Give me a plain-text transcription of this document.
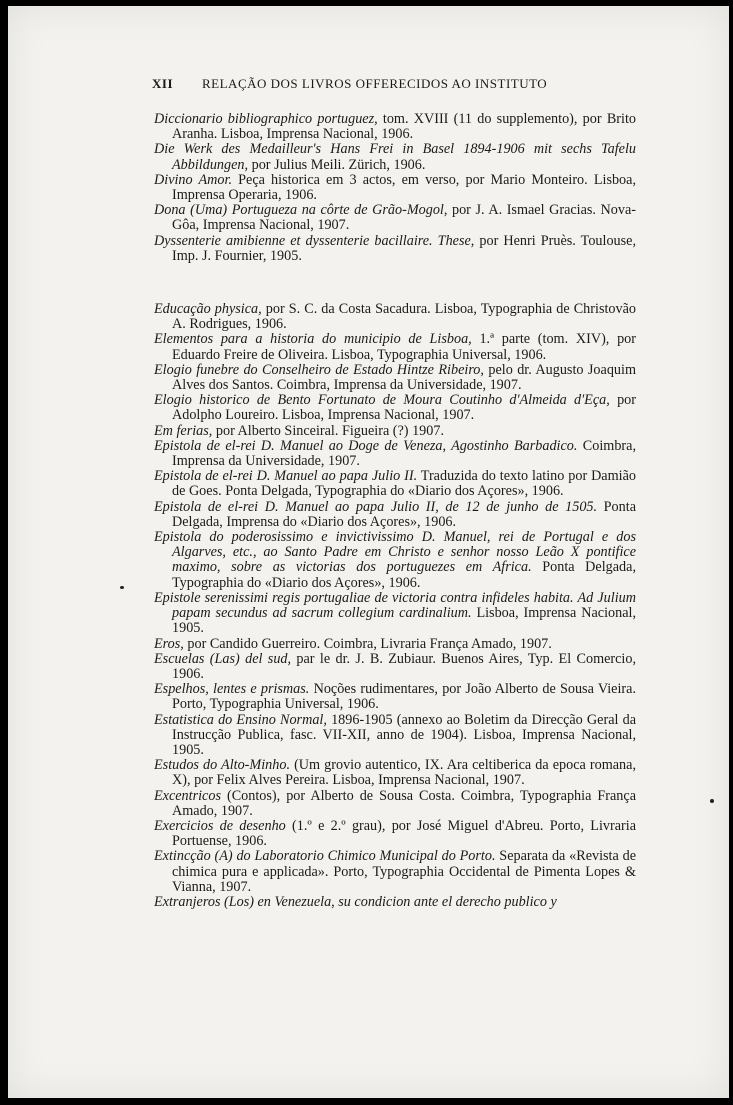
XII RELAÇÃO DOS LIVROS OFFERECIDOS AO INSTITUTO

Diccionario bibliographico portuguez, tom. XVIII (11 do supplemento), por Brito Aranha. Lisboa, Imprensa Nacional, 1906.

Die Werk des Medailleur's Hans Frei in Basel 1894-1906 mit sechs Tafelu Abbildungen, por Julius Meili. Zürich, 1906.

Divino Amor. Peça historica em 3 actos, em verso, por Mario Monteiro. Lisboa, Imprensa Operaria, 1906.

Dona (Uma) Portugueza na côrte de Grão-Mogol, por J. A. Ismael Gracias. Nova-Gôa, Imprensa Nacional, 1907.

Dyssenterie amibienne et dyssenterie bacillaire. These, por Henri Pruès. Toulouse, Imp. J. Fournier, 1905.

Educação physica, por S. C. da Costa Sacadura. Lisboa, Typographia de Christovão A. Rodrigues, 1906.

Elementos para a historia do municipio de Lisboa, 1.ª parte (tom. XIV), por Eduardo Freire de Oliveira. Lisboa, Typographia Universal, 1906.

Elogio funebre do Conselheiro de Estado Hintze Ribeiro, pelo dr. Augusto Joaquim Alves dos Santos. Coimbra, Imprensa da Universidade, 1907.

Elogio historico de Bento Fortunato de Moura Coutinho d'Almeida d'Eça, por Adolpho Loureiro. Lisboa, Imprensa Nacional, 1907.

Em ferias, por Alberto Sinceiral. Figueira (?) 1907.

Epistola de el-rei D. Manuel ao Doge de Veneza, Agostinho Barbadico. Coimbra, Imprensa da Universidade, 1907.

Epistola de el-rei D. Manuel ao papa Julio II. Traduzida do texto latino por Damião de Goes. Ponta Delgada, Typographia do «Diario dos Açores», 1906.

Epistola de el-rei D. Manuel ao papa Julio II, de 12 de junho de 1505. Ponta Delgada, Imprensa do «Diario dos Açores», 1906.

Epistola do poderosissimo e invictivissimo D. Manuel, rei de Portugal e dos Algarves, etc., ao Santo Padre em Christo e senhor nosso Leão X pontifice maximo, sobre as victorias dos portuguezes em Africa. Ponta Delgada, Typographia do «Diario dos Açores», 1906.

Epistole serenissimi regis portugaliae de victoria contra infideles habita. Ad Julium papam secundus ad sacrum collegium cardinalium. Lisboa, Imprensa Nacional, 1905.

Eros, por Candido Guerreiro. Coimbra, Livraria França Amado, 1907.

Escuelas (Las) del sud, par le dr. J. B. Zubiaur. Buenos Aires, Typ. El Comercio, 1906.

Espelhos, lentes e prismas. Noções rudimentares, por João Alberto de Sousa Vieira. Porto, Typographia Universal, 1906.

Estatistica do Ensino Normal, 1896-1905 (annexo ao Boletim da Direcção Geral da Instrucção Publica, fasc. VII-XII, anno de 1904). Lisboa, Imprensa Nacional, 1905.

Estudos do Alto-Minho. (Um grovio autentico, IX. Ara celtiberica da epoca romana, X), por Felix Alves Pereira. Lisboa, Imprensa Nacional, 1907.

Excentricos (Contos), por Alberto de Sousa Costa. Coimbra, Typographia França Amado, 1907.

Exercicios de desenho (1.º e 2.º grau), por José Miguel d'Abreu. Porto, Livraria Portuense, 1906.

Extincção (A) do Laboratorio Chimico Municipal do Porto. Separata da «Revista de chimica pura e applicada». Porto, Typographia Occidental de Pimenta Lopes & Vianna, 1907.

Extranjeros (Los) en Venezuela, su condicion ante el derecho publico y
